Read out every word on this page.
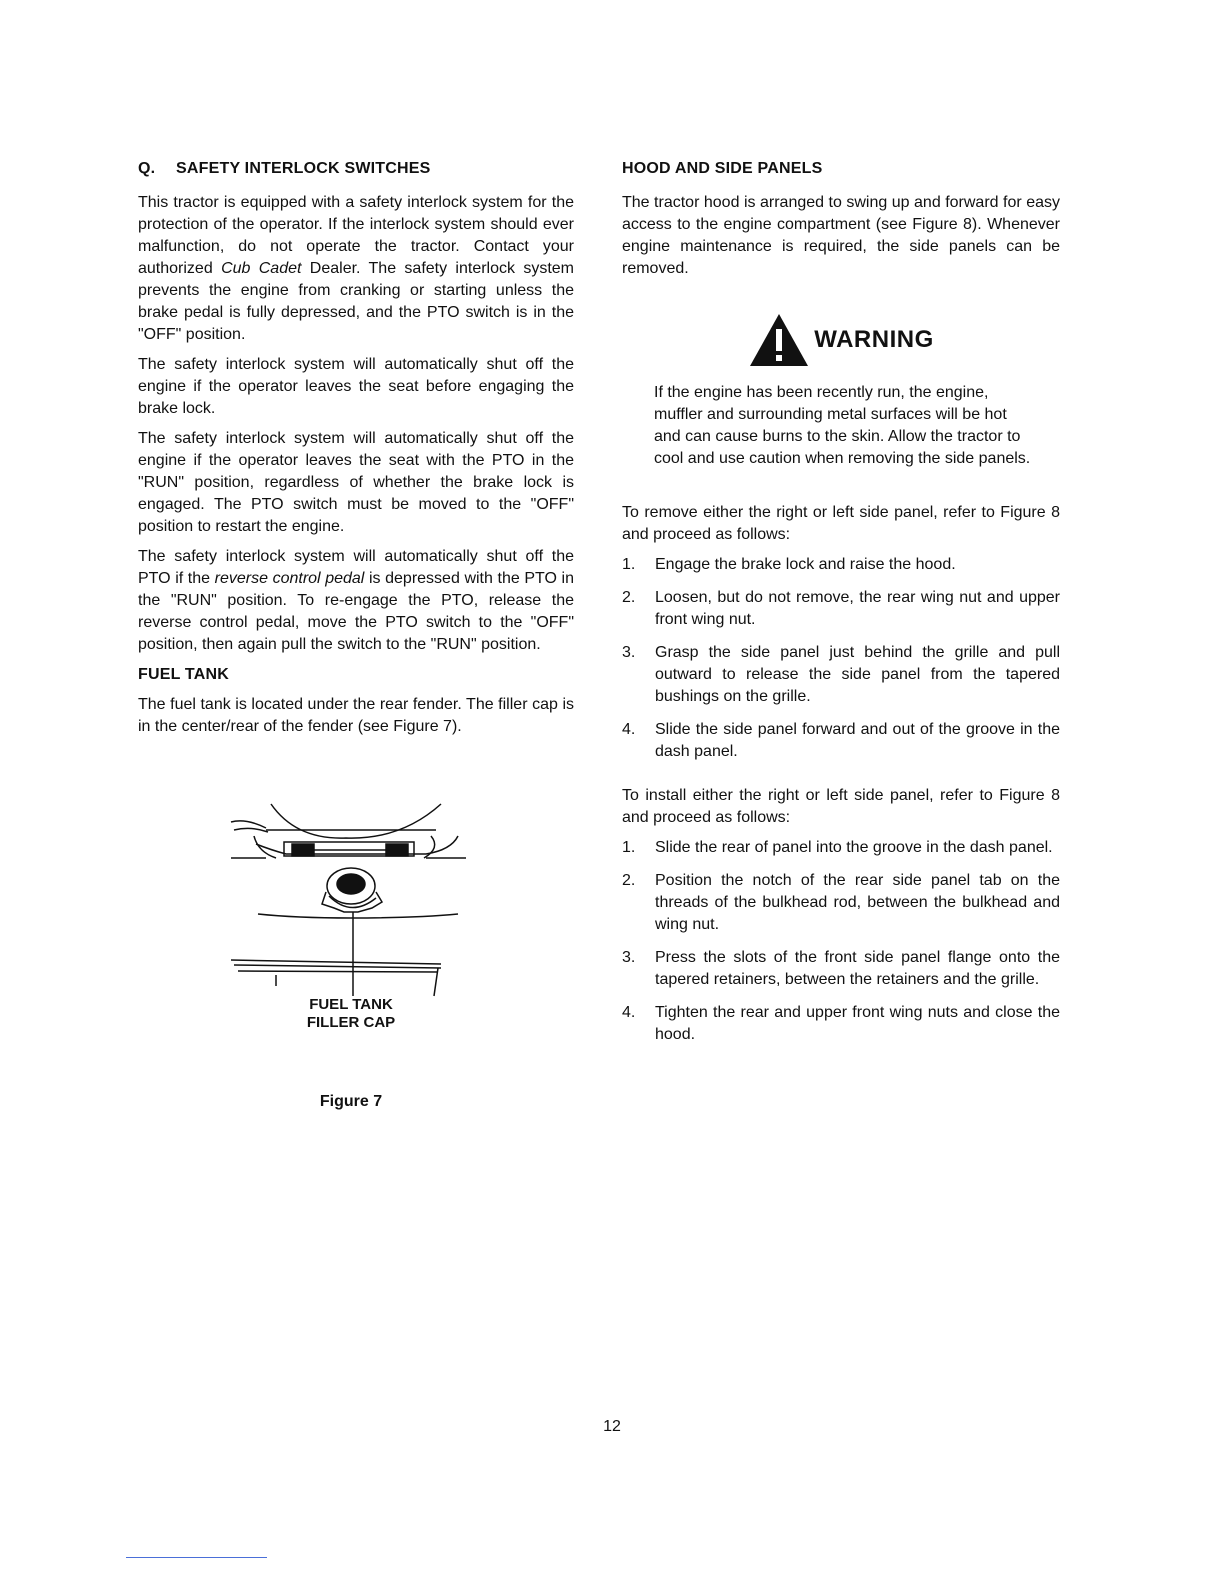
Q. SAFETY INTERLOCK SWITCHES

This tractor is equipped with a safety interlock system for the protection of the operator. If the interlock system should ever malfunction, do not operate the tractor. Contact your authorized Cub Cadet Dealer. The safety interlock system prevents the engine from cranking or starting unless the brake pedal is fully depressed, and the PTO switch is in the "OFF" position.

The safety interlock system will automatically shut off the engine if the operator leaves the seat before engaging the brake lock.

The safety interlock system will automatically shut off the engine if the operator leaves the seat with the PTO in the "RUN" position, regardless of whether the brake lock is engaged. The PTO switch must be moved to the "OFF" position to restart the engine.

The safety interlock system will automatically shut off the PTO if the reverse control pedal is depressed with the PTO in the "RUN" position. To re-engage the PTO, release the reverse control pedal, move the PTO switch to the "OFF" position, then again pull the switch to the "RUN" position.

FUEL TANK

The fuel tank is located under the rear fender. The filler cap is in the center/rear of the fender (see Figure 7).

FUEL TANK
FILLER CAP
Figure 7
HOOD AND SIDE PANELS

The tractor hood is arranged to swing up and forward for easy access to the engine compartment (see Figure 8). Whenever engine maintenance is required, the side panels can be removed.

WARNING

If the engine has been recently run, the engine, muffler and surrounding metal surfaces will be hot and can cause burns to the skin. Allow the tractor to cool and use caution when removing the side panels.

To remove either the right or left side panel, refer to Figure 8 and proceed as follows:

1.	Engage the brake lock and raise the hood.
2.	Loosen, but do not remove, the rear wing nut and upper front wing nut.
3.	Grasp the side panel just behind the grille and pull outward to release the side panel from the tapered bushings on the grille.
4.	Slide the side panel forward and out of the groove in the dash panel.

To install either the right or left side panel, refer to Figure 8 and proceed as follows:

1.	Slide the rear of panel into the groove in the dash panel.
2.	Position the notch of the rear side panel tab on the threads of the bulkhead rod, between the bulkhead and wing nut.
3.	Press the slots of the front side panel flange onto the tapered retainers, between the retainers and the grille.
4.	Tighten the rear and upper front wing nuts and close the hood.
12
